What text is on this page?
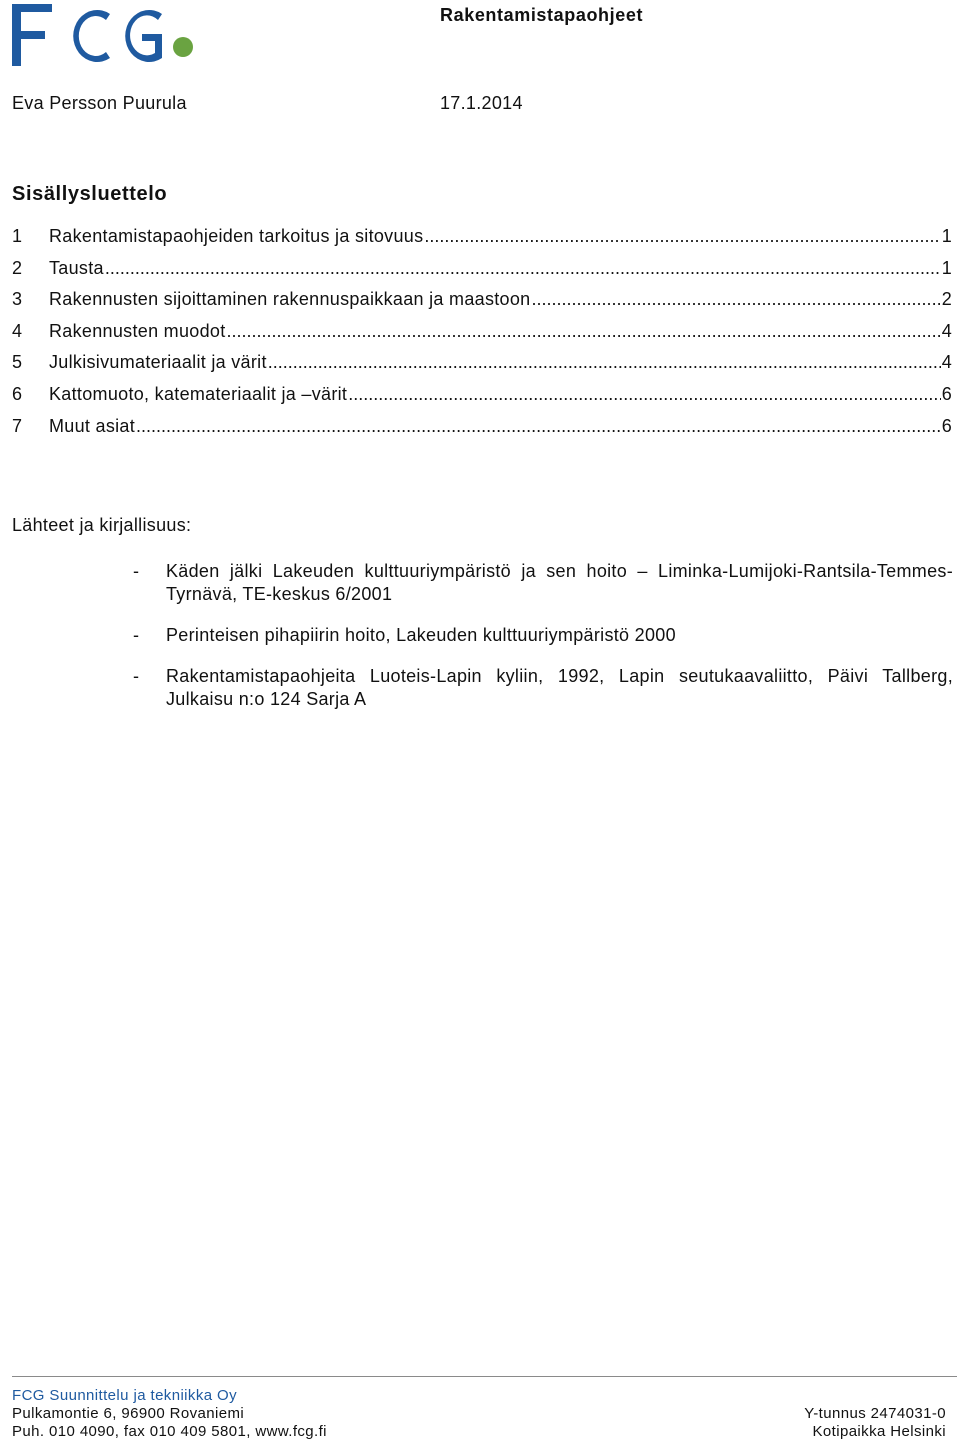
Rakentamistapaohjeet
Eva Persson Puurula	17.1.2014
Sisällysluettelo
1	Rakentamistapaohjeiden tarkoitus ja sitovuus .....	1
2	Tausta .....	1
3	Rakennusten sijoittaminen rakennuspaikkaan ja maastoon .....	2
4	Rakennusten muodot .....	4
5	Julkisivumateriaalit ja värit .....	4
6	Kattomuoto, katemateriaalit ja –värit .....	6
7	Muut asiat .....	6
Lähteet ja kirjallisuus:
-	Käden jälki Lakeuden kulttuuriympäristö ja sen hoito – Liminka-Lumijoki-Rantsila-Temmes-Tyrnävä, TE-keskus 6/2001
-	Perinteisen pihapiirin hoito, Lakeuden kulttuuriympäristö 2000
-	Rakentamistapaohjeita Luoteis-Lapin kyliin, 1992, Lapin seutukaavaliitto, Päivi Tallberg, Julkaisu n:o 124 Sarja A
FCG Suunnittelu ja tekniikka Oy
Pulkamontie 6, 96900 Rovaniemi
Puh. 010 4090, fax 010 409 5801, www.fcg.fi
Y-tunnus 2474031-0
Kotipaikka Helsinki
